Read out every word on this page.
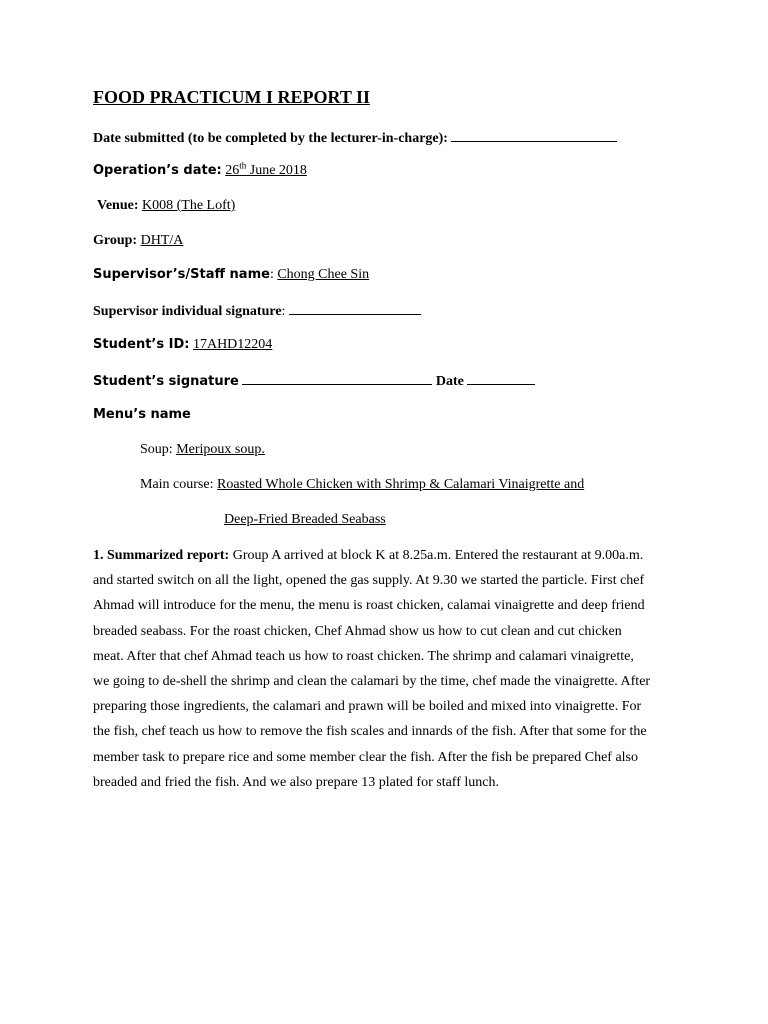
FOOD PRACTICUM I REPORT II
Date submitted (to be completed by the lecturer-in-charge):
Operation’s date: 26th June 2018
Venue: K008 (The Loft)
Group: DHT/A
Supervisor’s/Staff name: Chong Chee Sin
Supervisor individual signature:
Student’s ID: 17AHD12204
Student’s signature	Date
Menu’s name
Soup: Meripoux soup.
Main course: Roasted Whole Chicken with Shrimp & Calamari Vinaigrette and
Deep-Fried Breaded Seabass

1. Summarized report: Group A arrived at block K at 8.25a.m. Entered the restaurant at 9.00a.m. and started switch on all the light, opened the gas supply. At 9.30 we started the particle. First chef Ahmad will introduce for the menu, the menu is roast chicken, calamai vinaigrette and deep friend breaded seabass. For the roast chicken, Chef Ahmad show us how to cut clean and cut chicken meat. After that chef Ahmad teach us how to roast chicken. The shrimp and calamari vinaigrette, we going to de-shell the shrimp and clean the calamari by the time, chef made the vinaigrette. After preparing those ingredients, the calamari and prawn will be boiled and mixed into vinaigrette. For the fish, chef teach us how to remove the fish scales and innards of the fish. After that some for the member task to prepare rice and some member clear the fish. After the fish be prepared Chef also breaded and fried the fish. And we also prepare 13 plated for staff lunch.
